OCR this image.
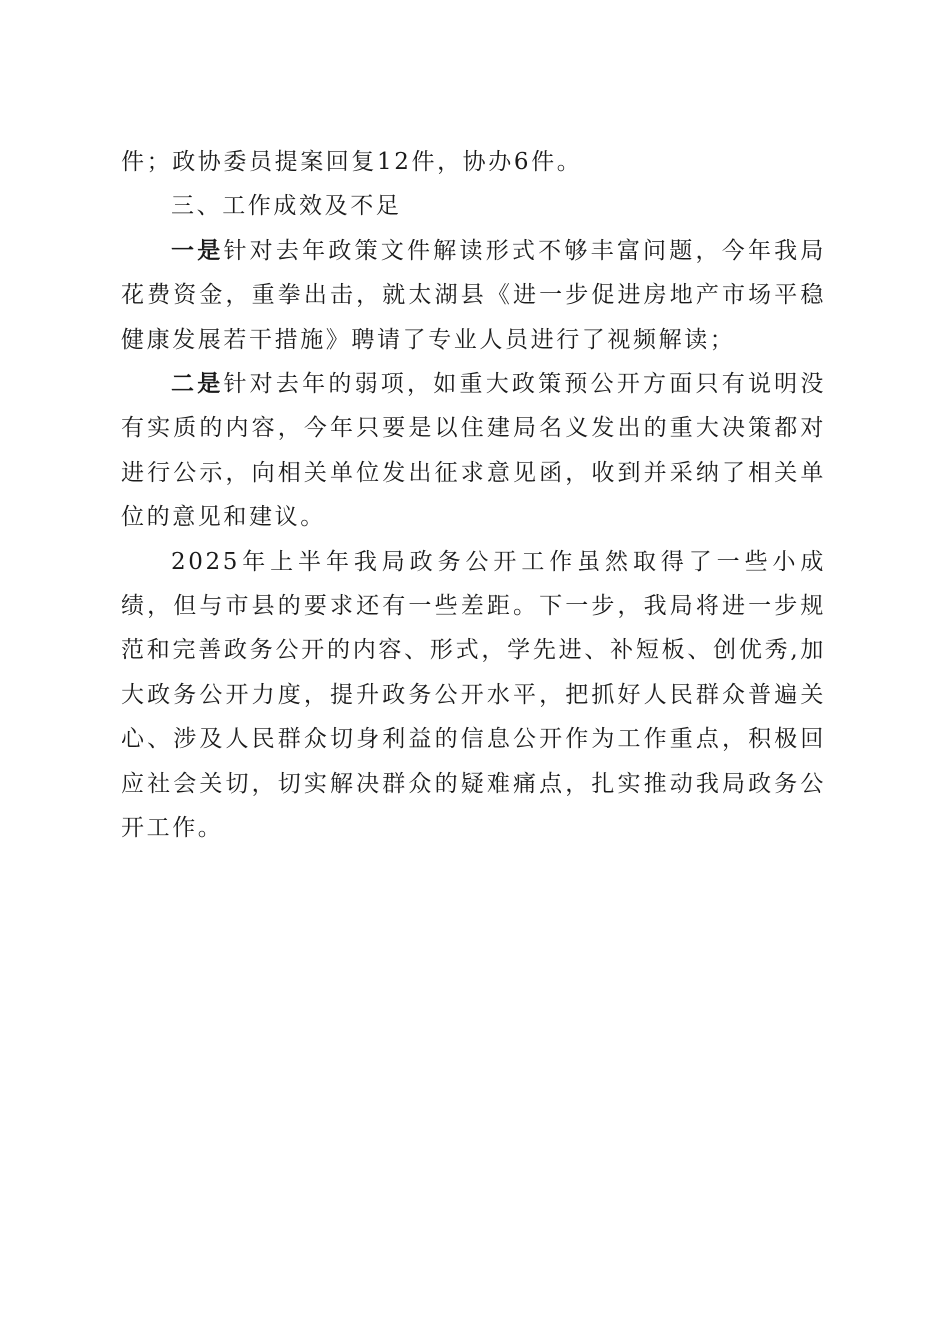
件；政协委员提案回复12件，协办6件。

三、工作成效及不足

一是针对去年政策文件解读形式不够丰富问题，今年我局花费资金，重拳出击，就太湖县《进一步促进房地产市场平稳健康发展若干措施》聘请了专业人员进行了视频解读；

二是针对去年的弱项，如重大政策预公开方面只有说明没有实质的内容，今年只要是以住建局名义发出的重大决策都对进行公示，向相关单位发出征求意见函，收到并采纳了相关单位的意见和建议。

2025年上半年我局政务公开工作虽然取得了一些小成绩，但与市县的要求还有一些差距。下一步，我局将进一步规范和完善政务公开的内容、形式，学先进、补短板、创优秀,加大政务公开力度，提升政务公开水平，把抓好人民群众普遍关心、涉及人民群众切身利益的信息公开作为工作重点，积极回应社会关切，切实解决群众的疑难痛点，扎实推动我局政务公开工作。
